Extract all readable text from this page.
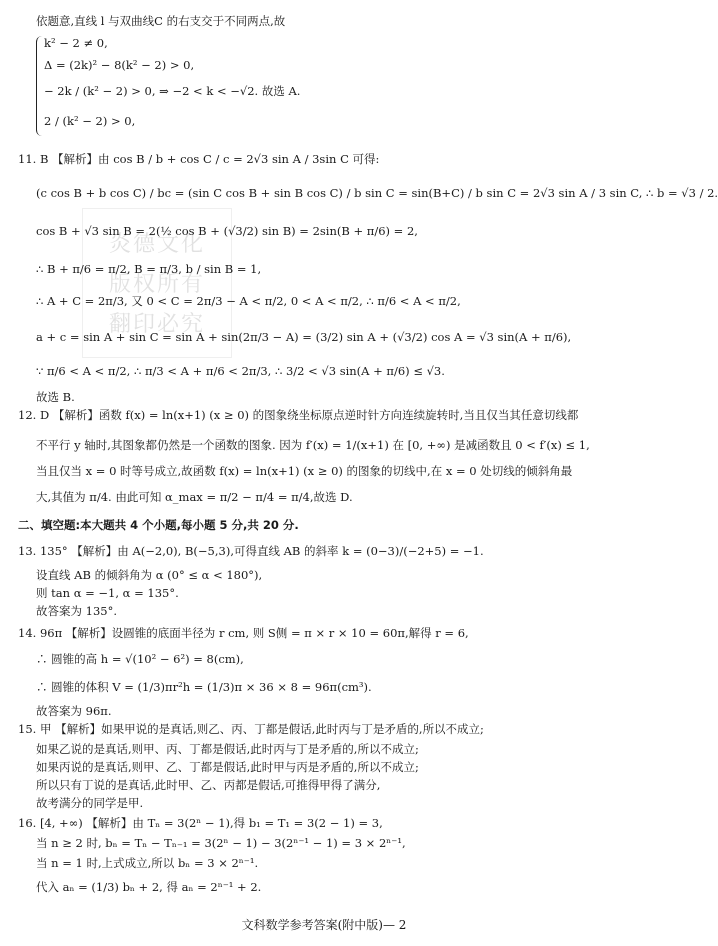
炎德文化
版权所有
翻印必究
依题意,直线 l 与双曲线C 的右支交于不同两点,故
k² − 2 ≠ 0,
Δ = (2k)² − 8(k² − 2) > 0,
− 2k / (k² − 2) > 0, ⇒ −2 < k < −√2. 故选 A.
2 / (k² − 2) > 0,
11. B 【解析】由 cos B / b + cos C / c = 2√3 sin A / 3sin C 可得:
(c cos B + b cos C) / bc = (sin C cos B + sin B cos C) / b sin C = sin(B+C) / b sin C = 2√3 sin A / 3 sin C, ∴ b = √3 / 2.
cos B + √3 sin B = 2(½ cos B + (√3/2) sin B) = 2sin(B + π/6) = 2,
∴ B + π/6 = π/2, B = π/3, b / sin B = 1,
∴ A + C = 2π/3, 又 0 < C = 2π/3 − A < π/2, 0 < A < π/2, ∴ π/6 < A < π/2,
a + c = sin A + sin C = sin A + sin(2π/3 − A) = (3/2) sin A + (√3/2) cos A = √3 sin(A + π/6),
∵ π/6 < A < π/2, ∴ π/3 < A + π/6 < 2π/3, ∴ 3/2 < √3 sin(A + π/6) ≤ √3.
故选 B.
12. D 【解析】函数 f(x) = ln(x+1) (x ≥ 0) 的图象绕坐标原点逆时针方向连续旋转时,当且仅当其任意切线都
不平行 y 轴时,其图象都仍然是一个函数的图象. 因为 f′(x) = 1/(x+1) 在 [0, +∞) 是减函数且 0 < f′(x) ≤ 1,
当且仅当 x = 0 时等号成立,故函数 f(x) = ln(x+1) (x ≥ 0) 的图象的切线中,在 x = 0 处切线的倾斜角最
大,其值为 π/4. 由此可知 α_max = π/2 − π/4 = π/4,故选 D.
二、填空题:本大题共 4 个小题,每小题 5 分,共 20 分.
13. 135° 【解析】由 A(−2,0), B(−5,3),可得直线 AB 的斜率 k = (0−3)/(−2+5) = −1.
设直线 AB 的倾斜角为 α (0° ≤ α < 180°),
则 tan α = −1, α = 135°.
故答案为 135°.
14. 96π 【解析】设圆锥的底面半径为 r cm, 则 S侧 = π × r × 10 = 60π,解得 r = 6,
∴ 圆锥的高 h = √(10² − 6²) = 8(cm),
∴ 圆锥的体积 V = (1/3)πr²h = (1/3)π × 36 × 8 = 96π(cm³).
故答案为 96π.
15. 甲 【解析】如果甲说的是真话,则乙、丙、丁都是假话,此时丙与丁是矛盾的,所以不成立;
如果乙说的是真话,则甲、丙、丁都是假话,此时丙与丁是矛盾的,所以不成立;
如果丙说的是真话,则甲、乙、丁都是假话,此时甲与丙是矛盾的,所以不成立;
所以只有丁说的是真话,此时甲、乙、丙都是假话,可推得甲得了满分,
故考满分的同学是甲.
16. [4, +∞) 【解析】由 Tₙ = 3(2ⁿ − 1),得 b₁ = T₁ = 3(2 − 1) = 3,
当 n ≥ 2 时, bₙ = Tₙ − Tₙ₋₁ = 3(2ⁿ − 1) − 3(2ⁿ⁻¹ − 1) = 3 × 2ⁿ⁻¹,
当 n = 1 时,上式成立,所以 bₙ = 3 × 2ⁿ⁻¹.
代入 aₙ = (1/3) bₙ + 2, 得 aₙ = 2ⁿ⁻¹ + 2.
文科数学参考答案(附中版)— 2
